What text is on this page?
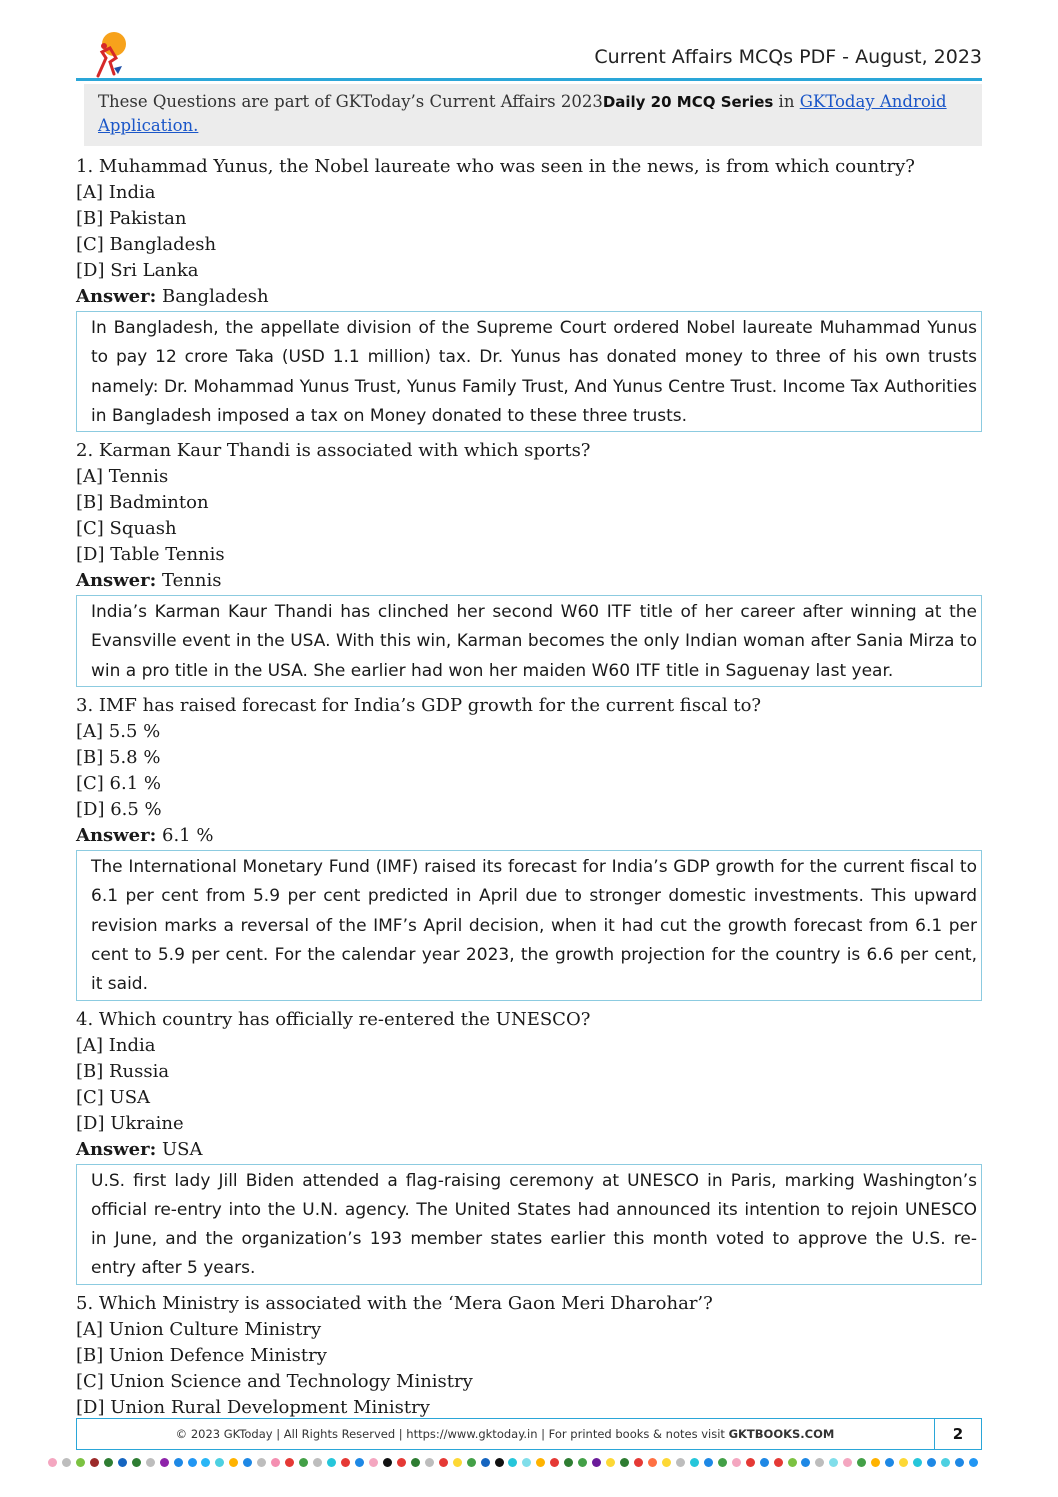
Current Affairs MCQs PDF - August, 2023
These Questions are part of GKToday’s Current Affairs 2023Daily 20 MCQ Series in GKToday Android Application.
1. Muhammad Yunus, the Nobel laureate who was seen in the news, is from which country?
[A] India
[B] Pakistan
[C] Bangladesh
[D] Sri Lanka
Answer: Bangladesh
In Bangladesh, the appellate division of the Supreme Court ordered Nobel laureate Muhammad Yunus to pay 12 crore Taka (USD 1.1 million) tax. Dr. Yunus has donated money to three of his own trusts namely: Dr. Mohammad Yunus Trust, Yunus Family Trust, And Yunus Centre Trust. Income Tax Authorities in Bangladesh imposed a tax on Money donated to these three trusts.
2. Karman Kaur Thandi is associated with which sports?
[A] Tennis
[B] Badminton
[C] Squash
[D] Table Tennis
Answer: Tennis
India’s Karman Kaur Thandi has clinched her second W60 ITF title of her career after winning at the Evansville event in the USA. With this win, Karman becomes the only Indian woman after Sania Mirza to win a pro title in the USA. She earlier had won her maiden W60 ITF title in Saguenay last year.
3. IMF has raised forecast for India’s GDP growth for the current fiscal to?
[A] 5.5 %
[B] 5.8 %
[C] 6.1 %
[D] 6.5 %
Answer: 6.1 %
The International Monetary Fund (IMF) raised its forecast for India’s GDP growth for the current fiscal to 6.1 per cent from 5.9 per cent predicted in April due to stronger domestic investments. This upward revision marks a reversal of the IMF’s April decision, when it had cut the growth forecast from 6.1 per cent to 5.9 per cent. For the calendar year 2023, the growth projection for the country is 6.6 per cent, it said.
4. Which country has officially re-entered the UNESCO?
[A] India
[B] Russia
[C] USA
[D] Ukraine
Answer: USA
U.S. first lady Jill Biden attended a flag-raising ceremony at UNESCO in Paris, marking Washington’s official re-entry into the U.N. agency. The United States had announced its intention to rejoin UNESCO in June, and the organization’s 193 member states earlier this month voted to approve the U.S. re-entry after 5 years.
5. Which Ministry is associated with the ‘Mera Gaon Meri Dharohar’?
[A] Union Culture Ministry
[B] Union Defence Ministry
[C] Union Science and Technology Ministry
[D] Union Rural Development Ministry
© 2023 GKToday | All Rights Reserved | https://www.gktoday.in | For printed books & notes visit GKTBOOKS.COM	2
